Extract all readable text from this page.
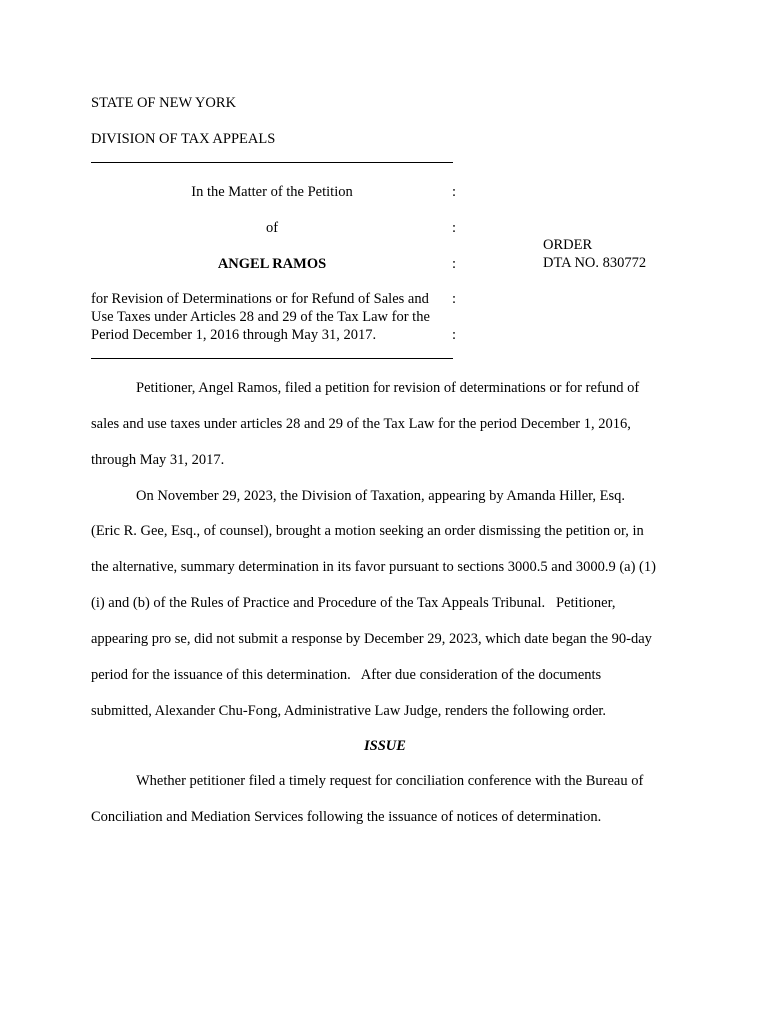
STATE OF NEW YORK
DIVISION OF TAX APPEALS
In the Matter of the Petition	:
of	:
ANGEL RAMOS	:
for Revision of Determinations or for Refund of Sales and :
Use Taxes under Articles 28 and 29 of the Tax Law for the
Period December 1, 2016 through May 31, 2017.	:
ORDER
DTA NO. 830772
Petitioner, Angel Ramos, filed a petition for revision of determinations or for refund of
sales and use taxes under articles 28 and 29 of the Tax Law for the period December 1, 2016,
through May 31, 2017.
On November 29, 2023, the Division of Taxation, appearing by Amanda Hiller, Esq.
(Eric R. Gee, Esq., of counsel), brought a motion seeking an order dismissing the petition or, in
the alternative, summary determination in its favor pursuant to sections 3000.5 and 3000.9 (a) (1)
(i) and (b) of the Rules of Practice and Procedure of the Tax Appeals Tribunal.   Petitioner,
appearing pro se, did not submit a response by December 29, 2023, which date began the 90-day
period for the issuance of this determination.   After due consideration of the documents
submitted, Alexander Chu-Fong, Administrative Law Judge, renders the following order.
ISSUE
Whether petitioner filed a timely request for conciliation conference with the Bureau of
Conciliation and Mediation Services following the issuance of notices of determination.
